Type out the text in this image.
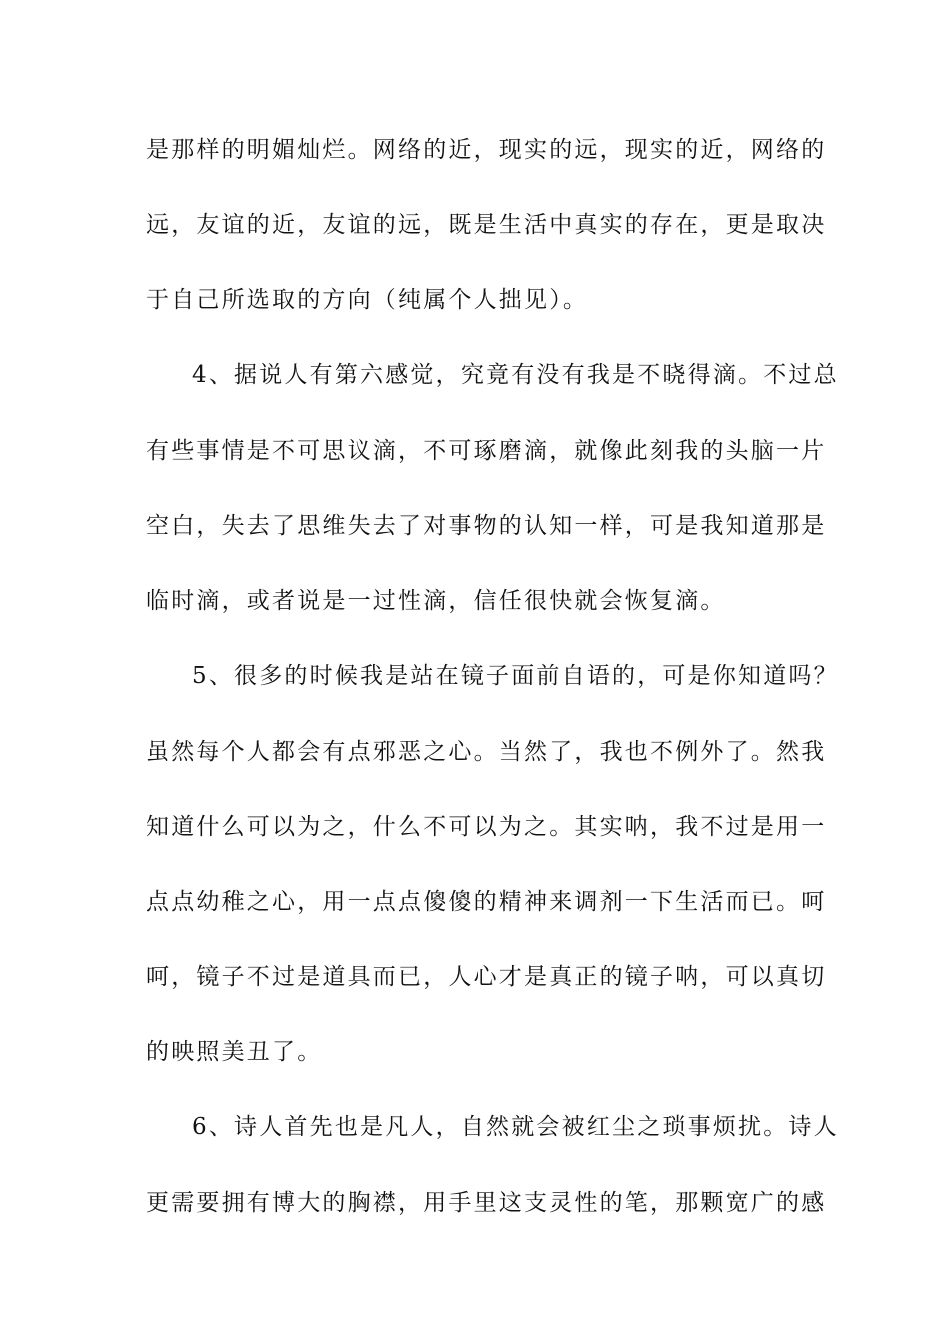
是那样的明媚灿烂。网络的近，现实的远，现实的近，网络的
远，友谊的近，友谊的远，既是生活中真实的存在，更是取决
于自己所选取的方向（纯属个人拙见）。
4、据说人有第六感觉，究竟有没有我是不晓得滴。不过总
有些事情是不可思议滴，不可琢磨滴，就像此刻我的头脑一片
空白，失去了思维失去了对事物的认知一样，可是我知道那是
临时滴，或者说是一过性滴，信任很快就会恢复滴。
5、很多的时候我是站在镜子面前自语的，可是你知道吗？
虽然每个人都会有点邪恶之心。当然了，我也不例外了。然我
知道什么可以为之，什么不可以为之。其实呐，我不过是用一
点点幼稚之心，用一点点傻傻的精神来调剂一下生活而已。呵
呵，镜子不过是道具而已，人心才是真正的镜子呐，可以真切
的映照美丑了。
6、诗人首先也是凡人，自然就会被红尘之琐事烦扰。诗人
更需要拥有博大的胸襟，用手里这支灵性的笔，那颗宽广的感
